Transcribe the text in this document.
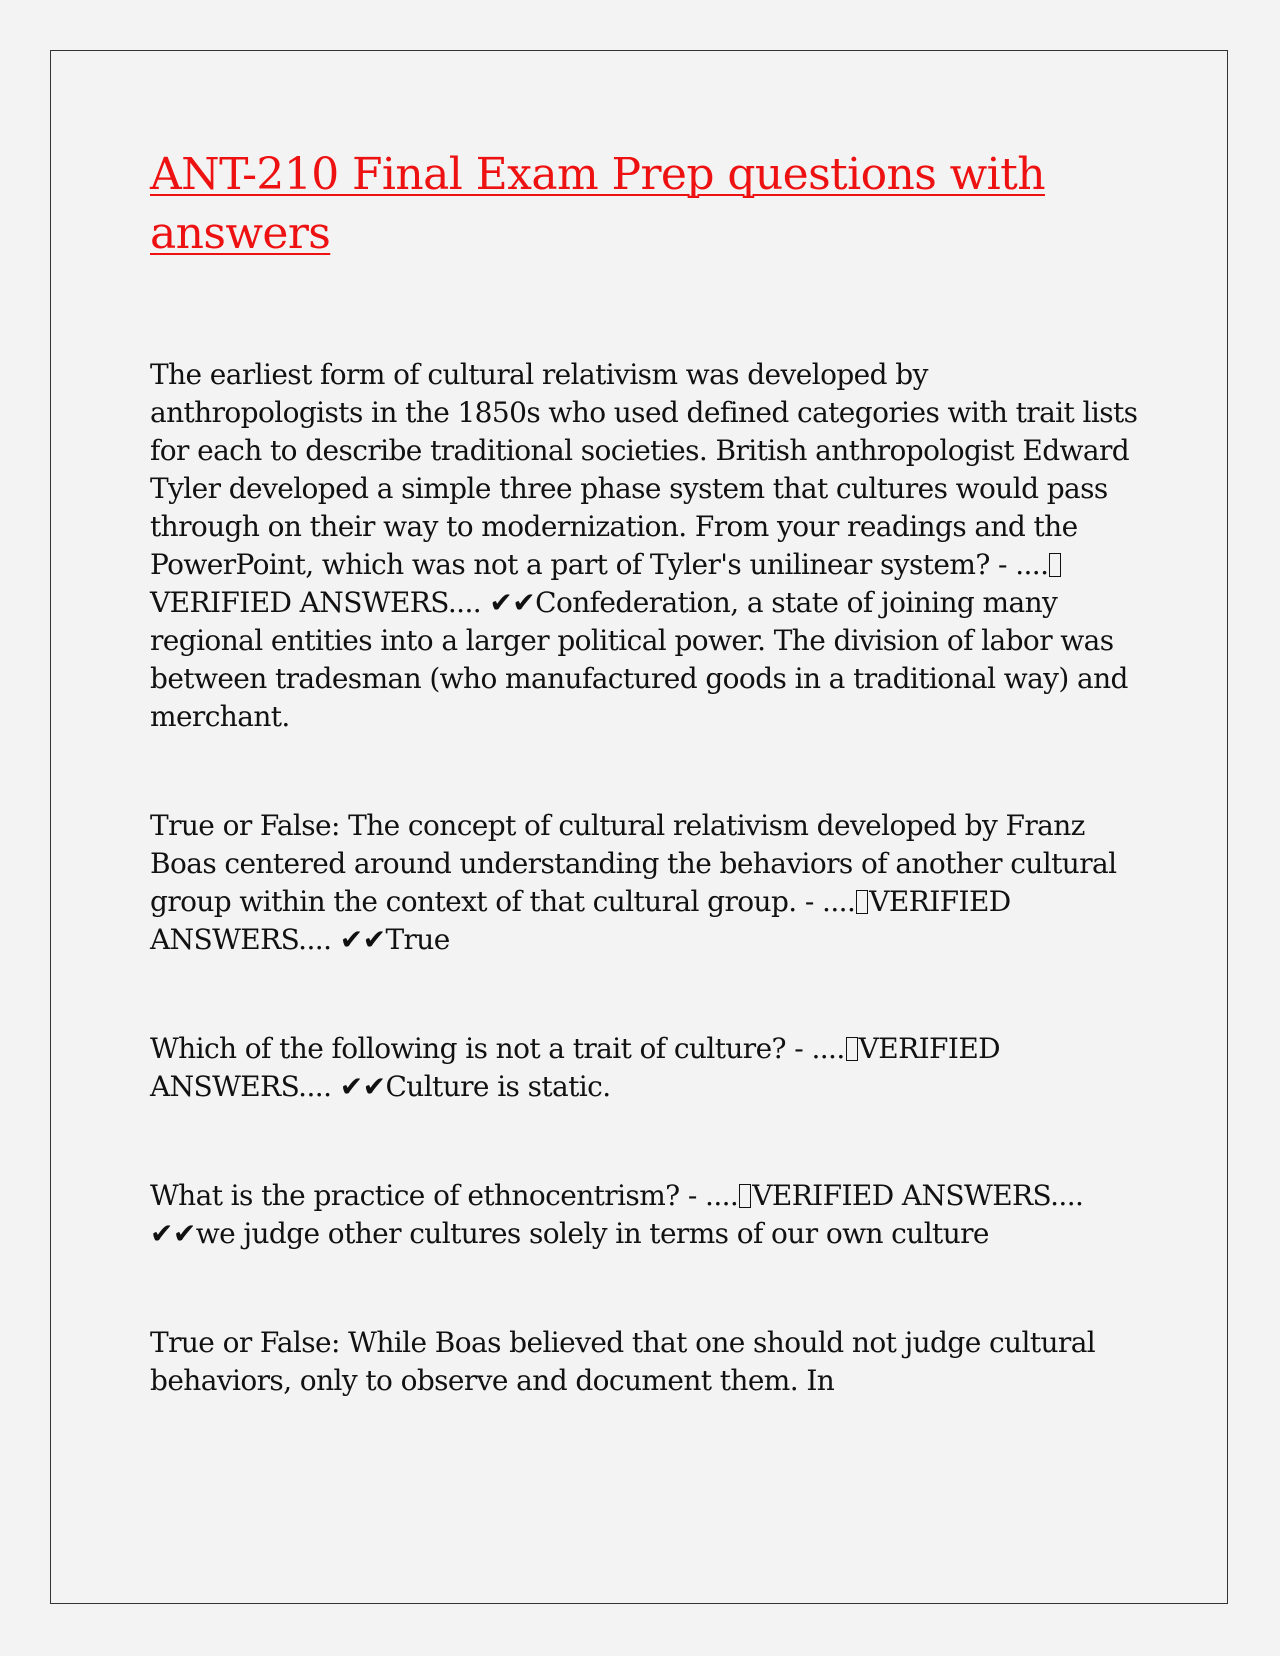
ANT-210 Final Exam Prep questions with answers

The earliest form of cultural relativism was developed by anthropologists in the 1850s who used defined categories with trait lists for each to describe traditional societies. British anthropologist Edward Tyler developed a simple three phase system that cultures would pass through on their way to modernization. From your readings and the PowerPoint, which was not a part of Tyler's unilinear system? - ....VERIFIED ANSWERS.... ✔✔Confederation, a state of joining many regional entities into a larger political power. The division of labor was between tradesman (who manufactured goods in a traditional way) and merchant.

True or False: The concept of cultural relativism developed by Franz Boas centered around understanding the behaviors of another cultural group within the context of that cultural group. - .... VERIFIED ANSWERS.... ✔✔True

Which of the following is not a trait of culture? - .... VERIFIED ANSWERS.... ✔✔Culture is static.

What is the practice of ethnocentrism? - .... VERIFIED ANSWERS.... ✔✔we judge other cultures solely in terms of our own culture

True or False: While Boas believed that one should not judge cultural behaviors, only to observe and document them. In
